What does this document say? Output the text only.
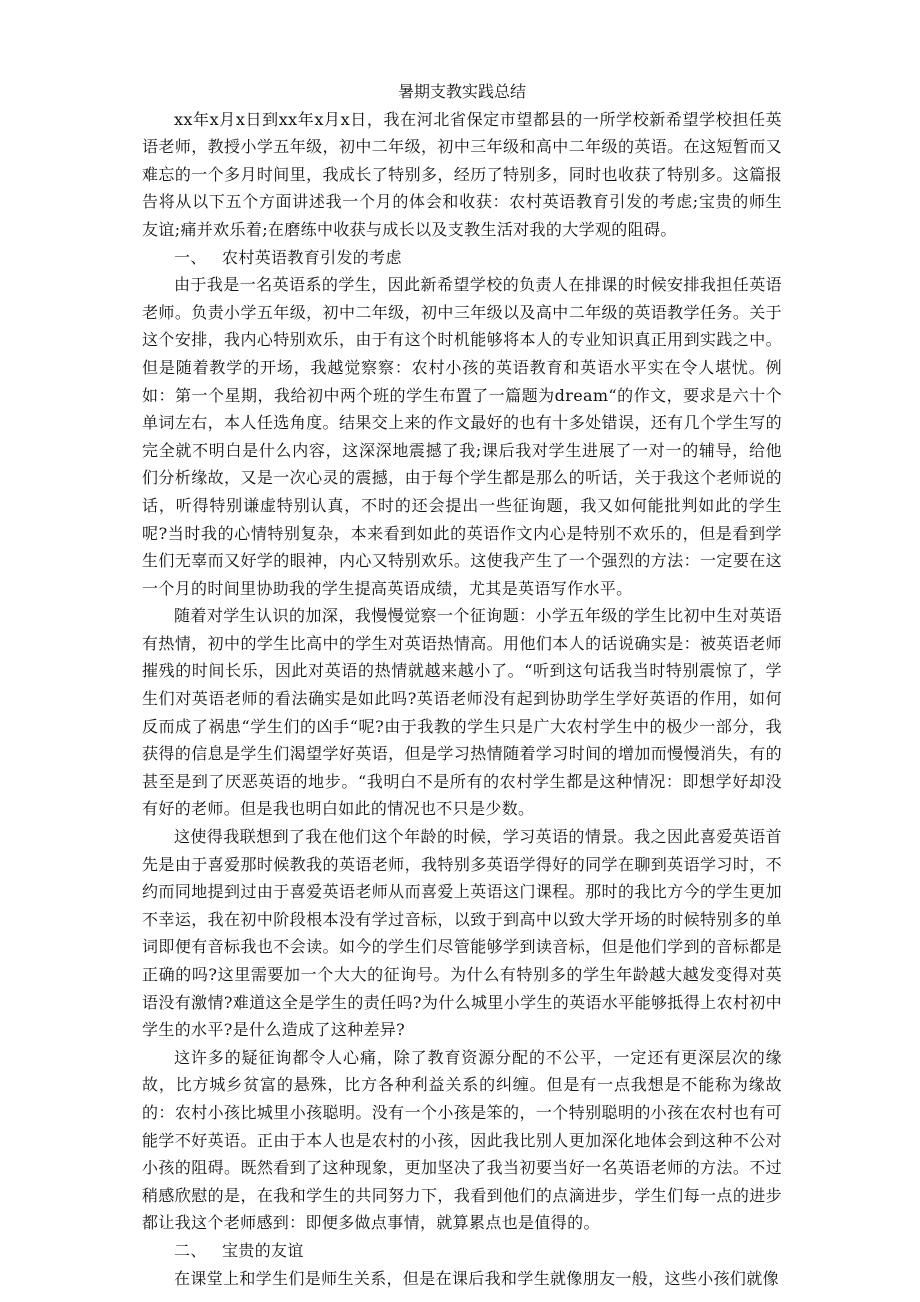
暑期支教实践总结

xx年x月x日到xx年x月x日，我在河北省保定市望都县的一所学校新希望学校担任英语老师，教授小学五年级，初中二年级，初中三年级和高中二年级的英语。在这短暂而又难忘的一个多月时间里，我成长了特别多，经历了特别多，同时也收获了特别多。这篇报告将从以下五个方面讲述我一个月的体会和收获：农村英语教育引发的考虑;宝贵的师生友谊;痛并欢乐着;在磨练中收获与成长以及支教生活对我的大学观的阻碍。

一、 农村英语教育引发的考虑

由于我是一名英语系的学生，因此新希望学校的负责人在排课的时候安排我担任英语老师。负责小学五年级，初中二年级，初中三年级以及高中二年级的英语教学任务。关于这个安排，我内心特别欢乐，由于有这个时机能够将本人的专业知识真正用到实践之中。但是随着教学的开场，我越觉察察：农村小孩的英语教育和英语水平实在令人堪忧。例如：第一个星期，我给初中两个班的学生布置了一篇题为dream“的作文，要求是六十个单词左右，本人任选角度。结果交上来的作文最好的也有十多处错误，还有几个学生写的完全就不明白是什么内容，这深深地震撼了我;课后我对学生进展了一对一的辅导，给他们分析缘故，又是一次心灵的震撼，由于每个学生都是那么的听话，关于我这个老师说的话，听得特别谦虚特别认真，不时的还会提出一些征询题，我又如何能批判如此的学生呢?当时我的心情特别复杂，本来看到如此的英语作文内心是特别不欢乐的，但是看到学生们无辜而又好学的眼神，内心又特别欢乐。这使我产生了一个强烈的方法：一定要在这一个月的时间里协助我的学生提高英语成绩，尤其是英语写作水平。

随着对学生认识的加深，我慢慢觉察一个征询题：小学五年级的学生比初中生对英语有热情，初中的学生比高中的学生对英语热情高。用他们本人的话说确实是：被英语老师摧残的时间长乐，因此对英语的热情就越来越小了。“听到这句话我当时特别震惊了，学生们对英语老师的看法确实是如此吗?英语老师没有起到协助学生学好英语的作用，如何反而成了祸患“学生们的凶手“呢?由于我教的学生只是广大农村学生中的极少一部分，我获得的信息是学生们渴望学好英语，但是学习热情随着学习时间的增加而慢慢消失，有的甚至是到了厌恶英语的地步。“我明白不是所有的农村学生都是这种情况：即想学好却没有好的老师。但是我也明白如此的情况也不只是少数。

这使得我联想到了我在他们这个年龄的时候，学习英语的情景。我之因此喜爱英语首先是由于喜爱那时候教我的英语老师，我特别多英语学得好的同学在聊到英语学习时，不约而同地提到过由于喜爱英语老师从而喜爱上英语这门课程。那时的我比方今的学生更加不幸运，我在初中阶段根本没有学过音标，以致于到高中以致大学开场的时候特别多的单词即便有音标我也不会读。如今的学生们尽管能够学到读音标，但是他们学到的音标都是正确的吗?这里需要加一个大大的征询号。为什么有特别多的学生年龄越大越发变得对英语没有激情?难道这全是学生的责任吗?为什么城里小学生的英语水平能够抵得上农村初中学生的水平?是什么造成了这种差异?

这许多的疑征询都令人心痛，除了教育资源分配的不公平，一定还有更深层次的缘故，比方城乡贫富的悬殊，比方各种利益关系的纠缠。但是有一点我想是不能称为缘故的：农村小孩比城里小孩聪明。没有一个小孩是笨的，一个特别聪明的小孩在农村也有可能学不好英语。正由于本人也是农村的小孩，因此我比别人更加深化地体会到这种不公对小孩的阻碍。既然看到了这种现象，更加坚决了我当初要当好一名英语老师的方法。不过稍感欣慰的是，在我和学生的共同努力下，我看到他们的点滴进步，学生们每一点的进步都让我这个老师感到：即便多做点事情，就算累点也是值得的。

二、 宝贵的友谊

在课堂上和学生们是师生关系，但是在课后我和学生就像朋友一般，这些小孩们就像
